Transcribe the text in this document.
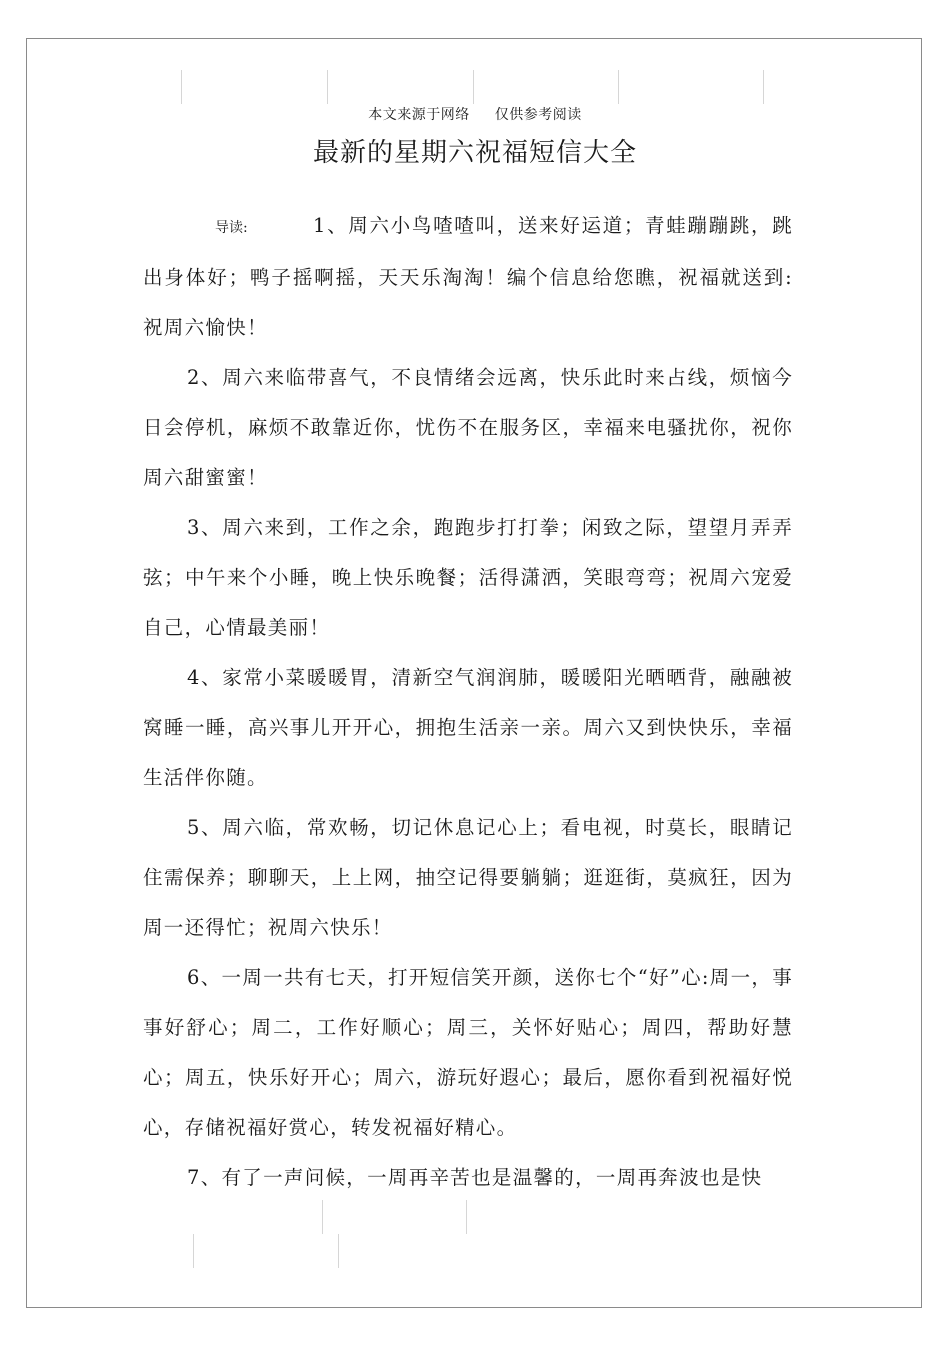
本文来源于网络 仅供参考阅读
最新的星期六祝福短信大全

导读:	1、周六小鸟喳喳叫，送来好运道；青蛙蹦蹦跳，跳出身体好；鸭子摇啊摇，天天乐淘淘！编个信息给您瞧，祝福就送到:祝周六愉快！

2、周六来临带喜气，不良情绪会远离，快乐此时来占线，烦恼今日会停机，麻烦不敢靠近你，忧伤不在服务区，幸福来电骚扰你，祝你周六甜蜜蜜！

3、周六来到，工作之余，跑跑步打打拳；闲致之际，望望月弄弄弦；中午来个小睡，晚上快乐晚餐；活得潇洒，笑眼弯弯；祝周六宠爱自己，心情最美丽！

4、家常小菜暖暖胃，清新空气润润肺，暖暖阳光晒晒背，融融被窝睡一睡，高兴事儿开开心，拥抱生活亲一亲。周六又到快快乐，幸福生活伴你随。

5、周六临，常欢畅，切记休息记心上；看电视，时莫长，眼睛记住需保养；聊聊天，上上网，抽空记得要躺躺；逛逛街，莫疯狂，因为周一还得忙；祝周六快乐！

6、一周一共有七天，打开短信笑开颜，送你七个“好”心:周一，事事好舒心；周二，工作好顺心；周三，关怀好贴心；周四，帮助好慧心；周五，快乐好开心；周六，游玩好遐心；最后，愿你看到祝福好悦心，存储祝福好赏心，转发祝福好精心。

7、有了一声问候，一周再辛苦也是温馨的，一周再奔波也是快
